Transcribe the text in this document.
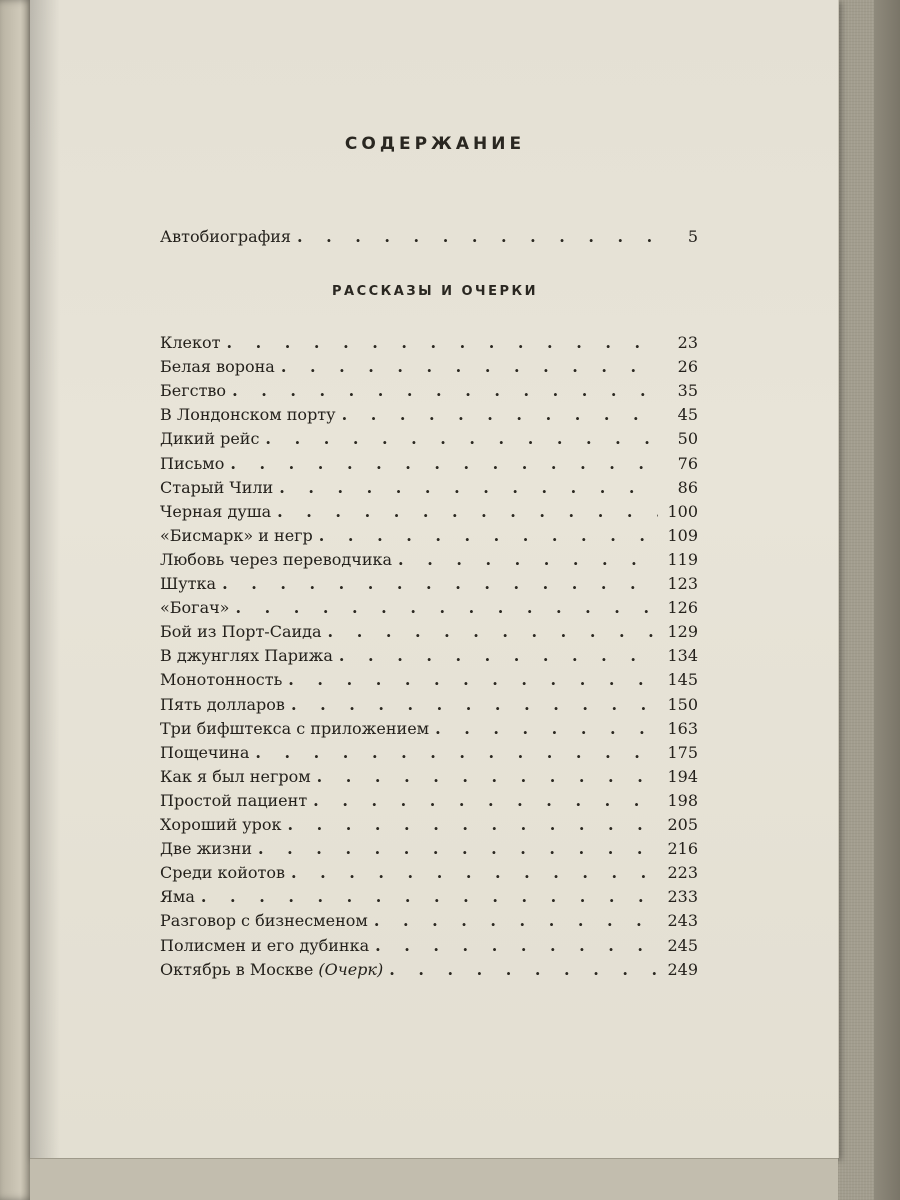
СОДЕРЖАНИЕ
Автобиография . . .	5
РАССКАЗЫ И ОЧЕРКИ
Клекот . . .	23
Белая ворона . . .	26
Бегство . . .	35
В Лондонском порту . . .	45
Дикий рейс . . .	50
Письмо . . .	76
Старый Чили . . .	86
Черная душа . . .	100
«Бисмарк» и негр . . .	109
Любовь через переводчика . . .	119
Шутка . . .	123
«Богач» . . .	126
Бой из Порт-Саида . . .	129
В джунглях Парижа . . .	134
Монотонность . . .	145
Пять долларов . . .	150
Три бифштекса с приложением . . .	163
Пощечина . . .	175
Как я был негром . . .	194
Простой пациент . . .	198
Хороший урок . . .	205
Две жизни . . .	216
Среди койотов . . .	223
Яма . . .	233
Разговор с бизнесменом . . .	243
Полисмен и его дубинка . . .	245
Октябрь в Москве (Очерк) . . .	249
